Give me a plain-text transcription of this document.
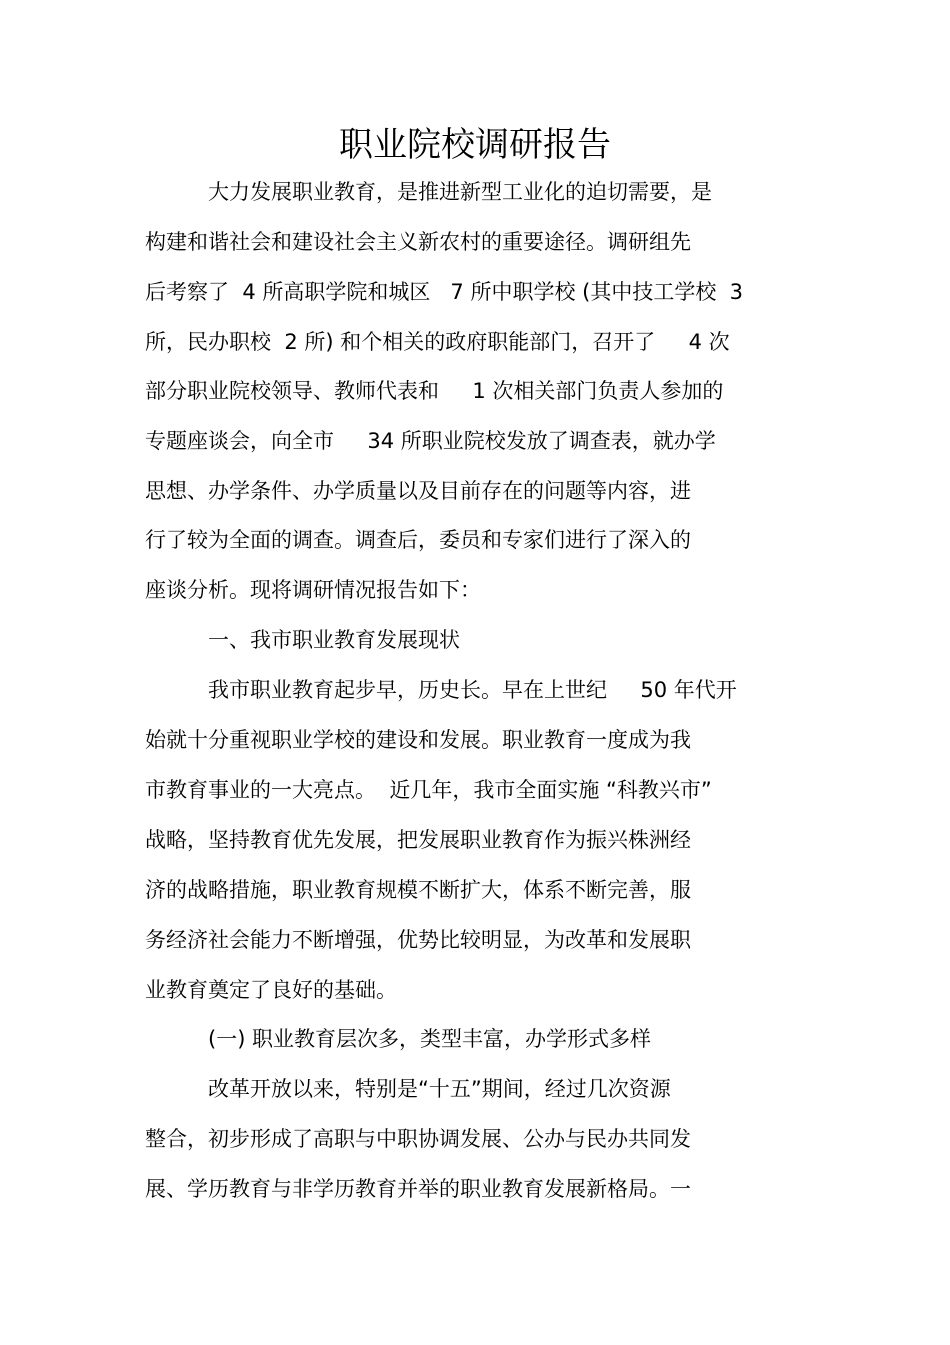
职业院校调研报告
大力发展职业教育，是推进新型工业化的迫切需要，是
构建和谐社会和建设社会主义新农村的重要途径。调研组先
后考察了  4 所高职学院和城区   7 所中职学校 (其中技工学校  3
所，民办职校  2 所) 和个相关的政府职能部门，召开了     4 次
部分职业院校领导、教师代表和     1 次相关部门负责人参加的
专题座谈会，向全市     34 所职业院校发放了调查表，就办学
思想、办学条件、办学质量以及目前存在的问题等内容，进
行了较为全面的调查。调查后，委员和专家们进行了深入的
座谈分析。现将调研情况报告如下：
一、我市职业教育发展现状
我市职业教育起步早，历史长。早在上世纪     50 年代开
始就十分重视职业学校的建设和发展。职业教育一度成为我
市教育事业的一大亮点。  近几年，我市全面实施 “科教兴市”
战略，坚持教育优先发展，把发展职业教育作为振兴株洲经
济的战略措施，职业教育规模不断扩大，体系不断完善，服
务经济社会能力不断增强，优势比较明显，为改革和发展职
业教育奠定了良好的基础。
(一) 职业教育层次多，类型丰富，办学形式多样
改革开放以来，特别是“十五”期间，经过几次资源
整合，初步形成了高职与中职协调发展、公办与民办共同发
展、学历教育与非学历教育并举的职业教育发展新格局。一
